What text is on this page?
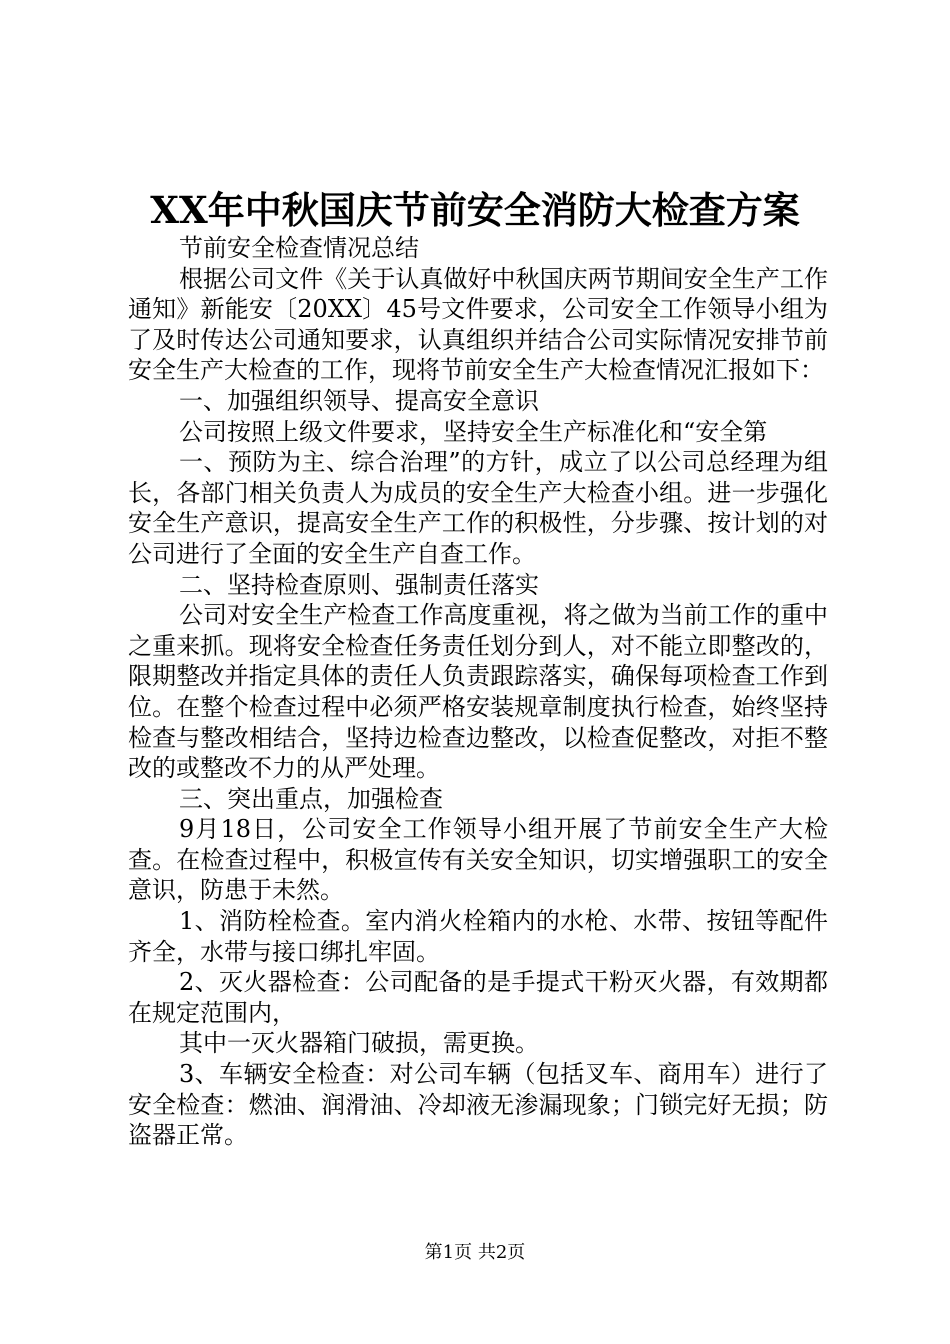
XX年中秋国庆节前安全消防大检查方案

节前安全检查情况总结

根据公司文件《关于认真做好中秋国庆两节期间安全生产工作通知》新能安〔20XX〕45号文件要求，公司安全工作领导小组为了及时传达公司通知要求，认真组织并结合公司实际情况安排节前安全生产大检查的工作，现将节前安全生产大检查情况汇报如下：

一、加强组织领导、提高安全意识

公司按照上级文件要求，坚持安全生产标准化和“安全第

一、预防为主、综合治理”的方针，成立了以公司总经理为组长，各部门相关负责人为成员的安全生产大检查小组。进一步强化安全生产意识，提高安全生产工作的积极性，分步骤、按计划的对公司进行了全面的安全生产自查工作。

二、坚持检查原则、强制责任落实

公司对安全生产检查工作高度重视，将之做为当前工作的重中之重来抓。现将安全检查任务责任划分到人，对不能立即整改的，限期整改并指定具体的责任人负责跟踪落实，确保每项检查工作到位。在整个检查过程中必须严格安装规章制度执行检查，始终坚持检查与整改相结合，坚持边检查边整改，以检查促整改，对拒不整改的或整改不力的从严处理。

三、突出重点，加强检查

9月18日，公司安全工作领导小组开展了节前安全生产大检查。在检查过程中，积极宣传有关安全知识，切实增强职工的安全意识，防患于未然。

1、消防栓检查。室内消火栓箱内的水枪、水带、按钮等配件齐全，水带与接口绑扎牢固。

2、灭火器检查：公司配备的是手提式干粉灭火器，有效期都在规定范围内，

其中一灭火器箱门破损，需更换。

3、车辆安全检查：对公司车辆（包括叉车、商用车）进行了安全检查：燃油、润滑油、冷却液无渗漏现象；门锁完好无损；防盗器正常。

第1页 共2页
